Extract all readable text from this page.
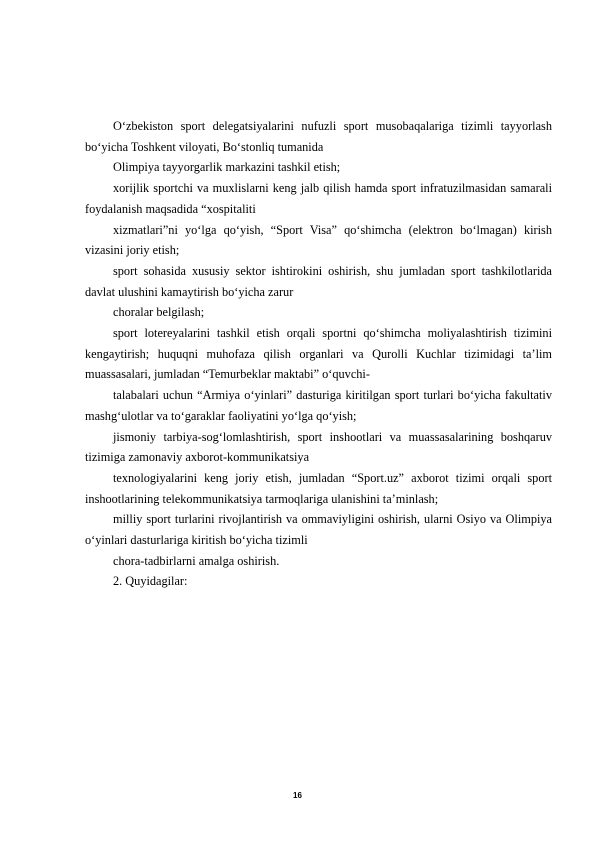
O‘zbekiston sport delegatsiyalarini nufuzli sport musobaqalariga tizimli tayyorlash bo‘yicha Toshkent viloyati, Bo‘stonliq tumanida

Olimpiya tayyorgarlik markazini tashkil etish;

xorijlik sportchi va muxlislarni keng jalb qilish hamda sport infratuzilmasidan samarali foydalanish maqsadida “xospitaliti

xizmatlari”ni yo‘lga qo‘yish, “Sport Visa” qo‘shimcha (elektron bo‘lmagan) kirish vizasini joriy etish;

sport sohasida xususiy sektor ishtirokini oshirish, shu jumladan sport tashkilotlarida davlat ulushini kamaytirish bo‘yicha zarur

choralar belgilash;

sport lotereyalarini tashkil etish orqali sportni qo‘shimcha moliyalashtirish tizimini kengaytirish; huquqni muhofaza qilish organlari va Qurolli Kuchlar tizimidagi ta’lim muassasalari, jumladan “Temurbeklar maktabi” o‘quvchi-

talabalari uchun “Armiya o‘yinlari” dasturiga kiritilgan sport turlari bo‘yicha fakultativ mashg‘ulotlar va to‘garaklar faoliyatini yo‘lga qo‘yish;

jismoniy tarbiya-sog‘lomlashtirish, sport inshootlari va muassasalarining boshqaruv tizimiga zamonaviy axborot-kommunikatsiya

texnologiyalarini keng joriy etish, jumladan “Sport.uz” axborot tizimi orqali sport inshootlarining telekommunikatsiya tarmoqlariga ulanishini ta’minlash;

milliy sport turlarini rivojlantirish va ommaviyligini oshirish, ularni Osiyo va Olimpiya o‘yinlari dasturlariga kiritish bo‘yicha tizimli

chora-tadbirlarni amalga oshirish.

2. Quyidagilar:

16
